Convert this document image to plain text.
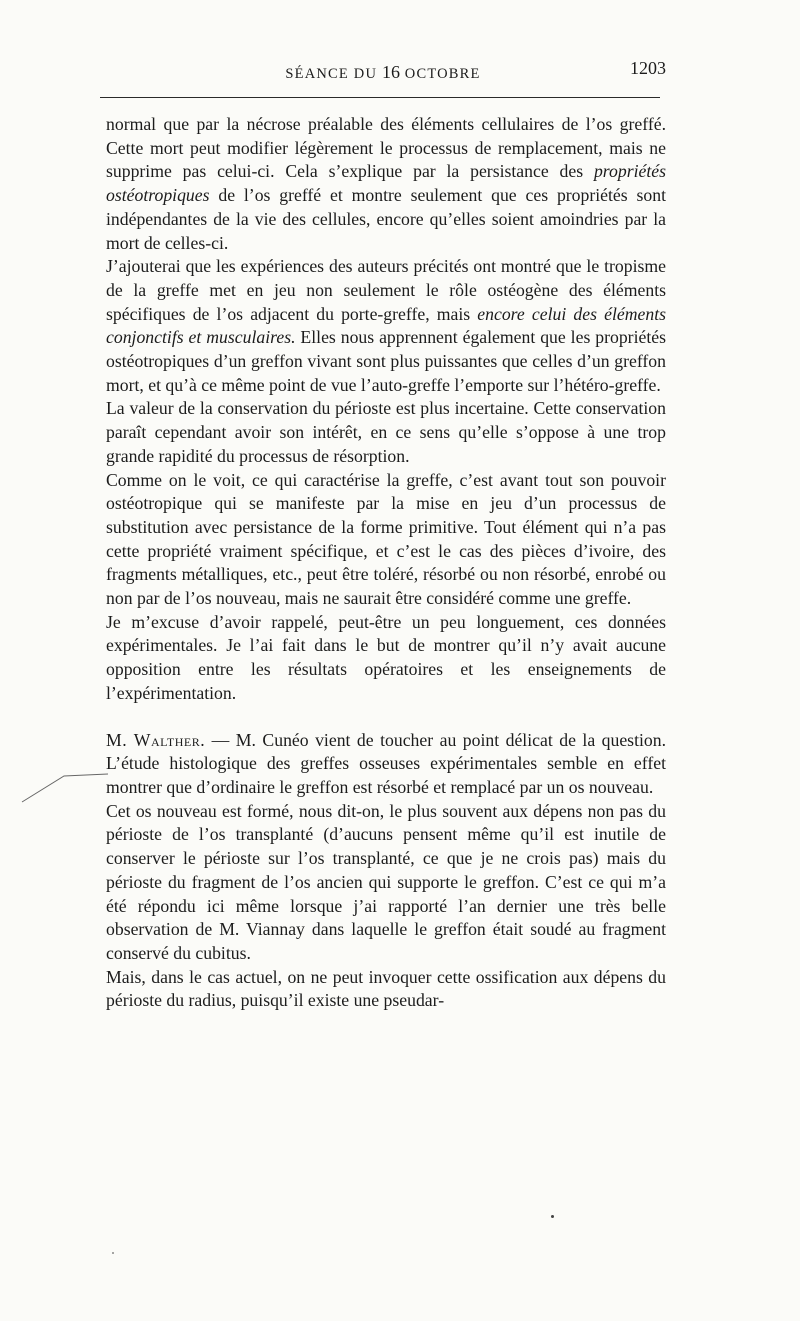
SÉANCE DU 16 OCTOBRE	1203

normal que par la nécrose préalable des éléments cellulaires de l’os greffé. Cette mort peut modifier légèrement le processus de remplacement, mais ne supprime pas celui-ci. Cela s’explique par la persistance des propriétés ostéotropiques de l’os greffé et montre seulement que ces propriétés sont indépendantes de la vie des cellules, encore qu’elles soient amoindries par la mort de celles-ci.

J’ajouterai que les expériences des auteurs précités ont montré que le tropisme de la greffe met en jeu non seulement le rôle ostéogène des éléments spécifiques de l’os adjacent du porte-greffe, mais encore celui des éléments conjonctifs et musculaires. Elles nous apprennent également que les propriétés ostéotropiques d’un greffon vivant sont plus puissantes que celles d’un greffon mort, et qu’à ce même point de vue l’auto-greffe l’emporte sur l’hétéro-greffe.

La valeur de la conservation du périoste est plus incertaine. Cette conservation paraît cependant avoir son intérêt, en ce sens qu’elle s’oppose à une trop grande rapidité du processus de résorption.

Comme on le voit, ce qui caractérise la greffe, c’est avant tout son pouvoir ostéotropique qui se manifeste par la mise en jeu d’un processus de substitution avec persistance de la forme primitive. Tout élément qui n’a pas cette propriété vraiment spécifique, et c’est le cas des pièces d’ivoire, des fragments métalliques, etc., peut être toléré, résorbé ou non résorbé, enrobé ou non par de l’os nouveau, mais ne saurait être considéré comme une greffe.

Je m’excuse d’avoir rappelé, peut-être un peu longuement, ces données expérimentales. Je l’ai fait dans le but de montrer qu’il n’y avait aucune opposition entre les résultats opératoires et les enseignements de l’expérimentation.

M. Walther. — M. Cunéo vient de toucher au point délicat de la question. L’étude histologique des greffes osseuses expérimentales semble en effet montrer que d’ordinaire le greffon est résorbé et remplacé par un os nouveau.

Cet os nouveau est formé, nous dit-on, le plus souvent aux dépens non pas du périoste de l’os transplanté (d’aucuns pensent même qu’il est inutile de conserver le périoste sur l’os transplanté, ce que je ne crois pas) mais du périoste du fragment de l’os ancien qui supporte le greffon. C’est ce qui m’a été répondu ici même lorsque j’ai rapporté l’an dernier une très belle observation de M. Viannay dans laquelle le greffon était soudé au fragment conservé du cubitus.

Mais, dans le cas actuel, on ne peut invoquer cette ossification aux dépens du périoste du radius, puisqu’il existe une pseudar-
